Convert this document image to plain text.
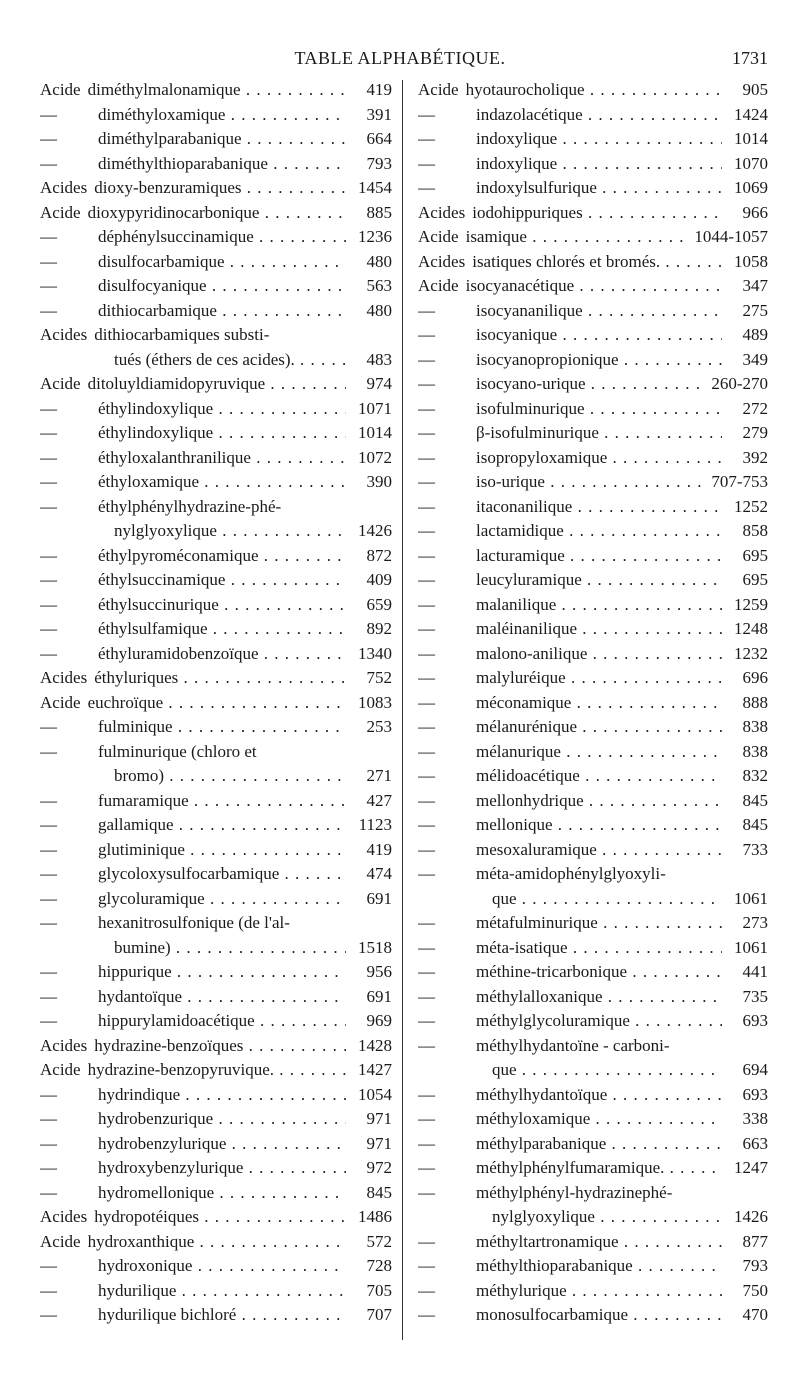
TABLE ALPHABÉTIQUE.	1731
Acide diméthylmalonamique . . .	419
—	diméthyloxamique . . .	391
—	diméthylparabanique . . .	664
—	diméthylthioparabanique . . .	793
Acides dioxy-benzuramiques . . .	1454
Acide dioxypyridinocarbonique . . .	885
—	déphénylsuccinamique . . .	1236
—	disulfocarbamique . . .	480
—	disulfocyanique . . .	563
—	dithiocarbamique . . .	480
Acides dithiocarbamiques substi-
tués (éthers de ces acides). . . .	483
Acide ditoluyldiamidopyruvique . . .	974
—	éthylindoxylique . . .	1071
—	éthylindoxylique . . .	1014
—	éthyloxalanthranilique . . .	1072
—	éthyloxamique . . .	390
—	éthylphénylhydrazine-phé-
nylglyoxylique . . .	1426
—	éthylpyroméconamique . . .	872
—	éthylsuccinamique . . .	409
—	éthylsuccinurique . . .	659
—	éthylsulfamique . . .	892
—	éthyluramidobenzoïque . . .	1340
Acides éthyluriques . . .	752
Acide euchroïque . . .	1083
—	fulminique . . .	253
—	fulminurique (chloro et
bromo) . . .	271
—	fumaramique . . .	427
—	gallamique . . .	1123
—	glutiminique . . .	419
—	glycoloxysulfocarbamique . . .	474
—	glycoluramique . . .	691
—	hexanitrosulfonique (de l'al-
bumine) . . .	1518
—	hippurique . . .	956
—	hydantoïque . . .	691
—	hippurylamidoacétique . . .	969
Acides hydrazine-benzoïques . . .	1428
Acide hydrazine-benzopyruvique. . . .	1427
—	hydrindique . . .	1054
—	hydrobenzurique . . .	971
—	hydrobenzylurique . . .	971
—	hydroxybenzylurique . . .	972
—	hydromellonique . . .	845
Acides hydropotéiques . . .	1486
Acide hydroxanthique . . .	572
—	hydroxonique . . .	728
—	hydurilique . . .	705
—	hydurilique bichloré . . .	707
Acide hyotaurocholique . . .	905
—	indazolacétique . . .	1424
—	indoxylique . . .	1014
—	indoxylique . . .	1070
—	indoxylsulfurique . . .	1069
Acides iodohippuriques . . .	966
Acide isamique . . .	1044-1057
Acides isatiques chlorés et bromés. . . .	1058
Acide isocyanacétique . . .	347
—	isocyananilique . . .	275
—	isocyanique . . .	489
—	isocyanopropionique . . .	349
—	isocyano-urique . . .	260-270
—	isofulminurique . . .	272
—	β-isofulminurique . . .	279
—	isopropyloxamique . . .	392
—	iso-urique . . .	707-753
—	itaconanilique . . .	1252
—	lactamidique . . .	858
—	lacturamique . . .	695
—	leucyluramique . . .	695
—	malanilique . . .	1259
—	maléinanilique . . .	1248
—	malono-anilique . . .	1232
—	malyluréique . . .	696
—	méconamique . . .	888
—	mélanurénique . . .	838
—	mélanurique . . .	838
—	mélidoacétique . . .	832
—	mellonhydrique . . .	845
—	mellonique . . .	845
—	mesoxaluramique . . .	733
—	méta-amidophénylglyoxyli-
que . . .	1061
—	métafulminurique . . .	273
—	méta-isatique . . .	1061
—	méthine-tricarbonique . . .	441
—	méthylalloxanique . . .	735
—	méthylglycoluramique . . .	693
—	méthylhydantoïne - carboni-
que . . .	694
—	méthylhydantoïque . . .	693
—	méthyloxamique . . .	338
—	méthylparabanique . . .	663
—	méthylphénylfumaramique. . . .	1247
—	méthylphényl-hydrazinephé-
nylglyoxylique . . .	1426
—	méthyltartronamique . . .	877
—	méthylthioparabanique . . .	793
—	méthylurique . . .	750
—	monosulfocarbamique . . .	470
